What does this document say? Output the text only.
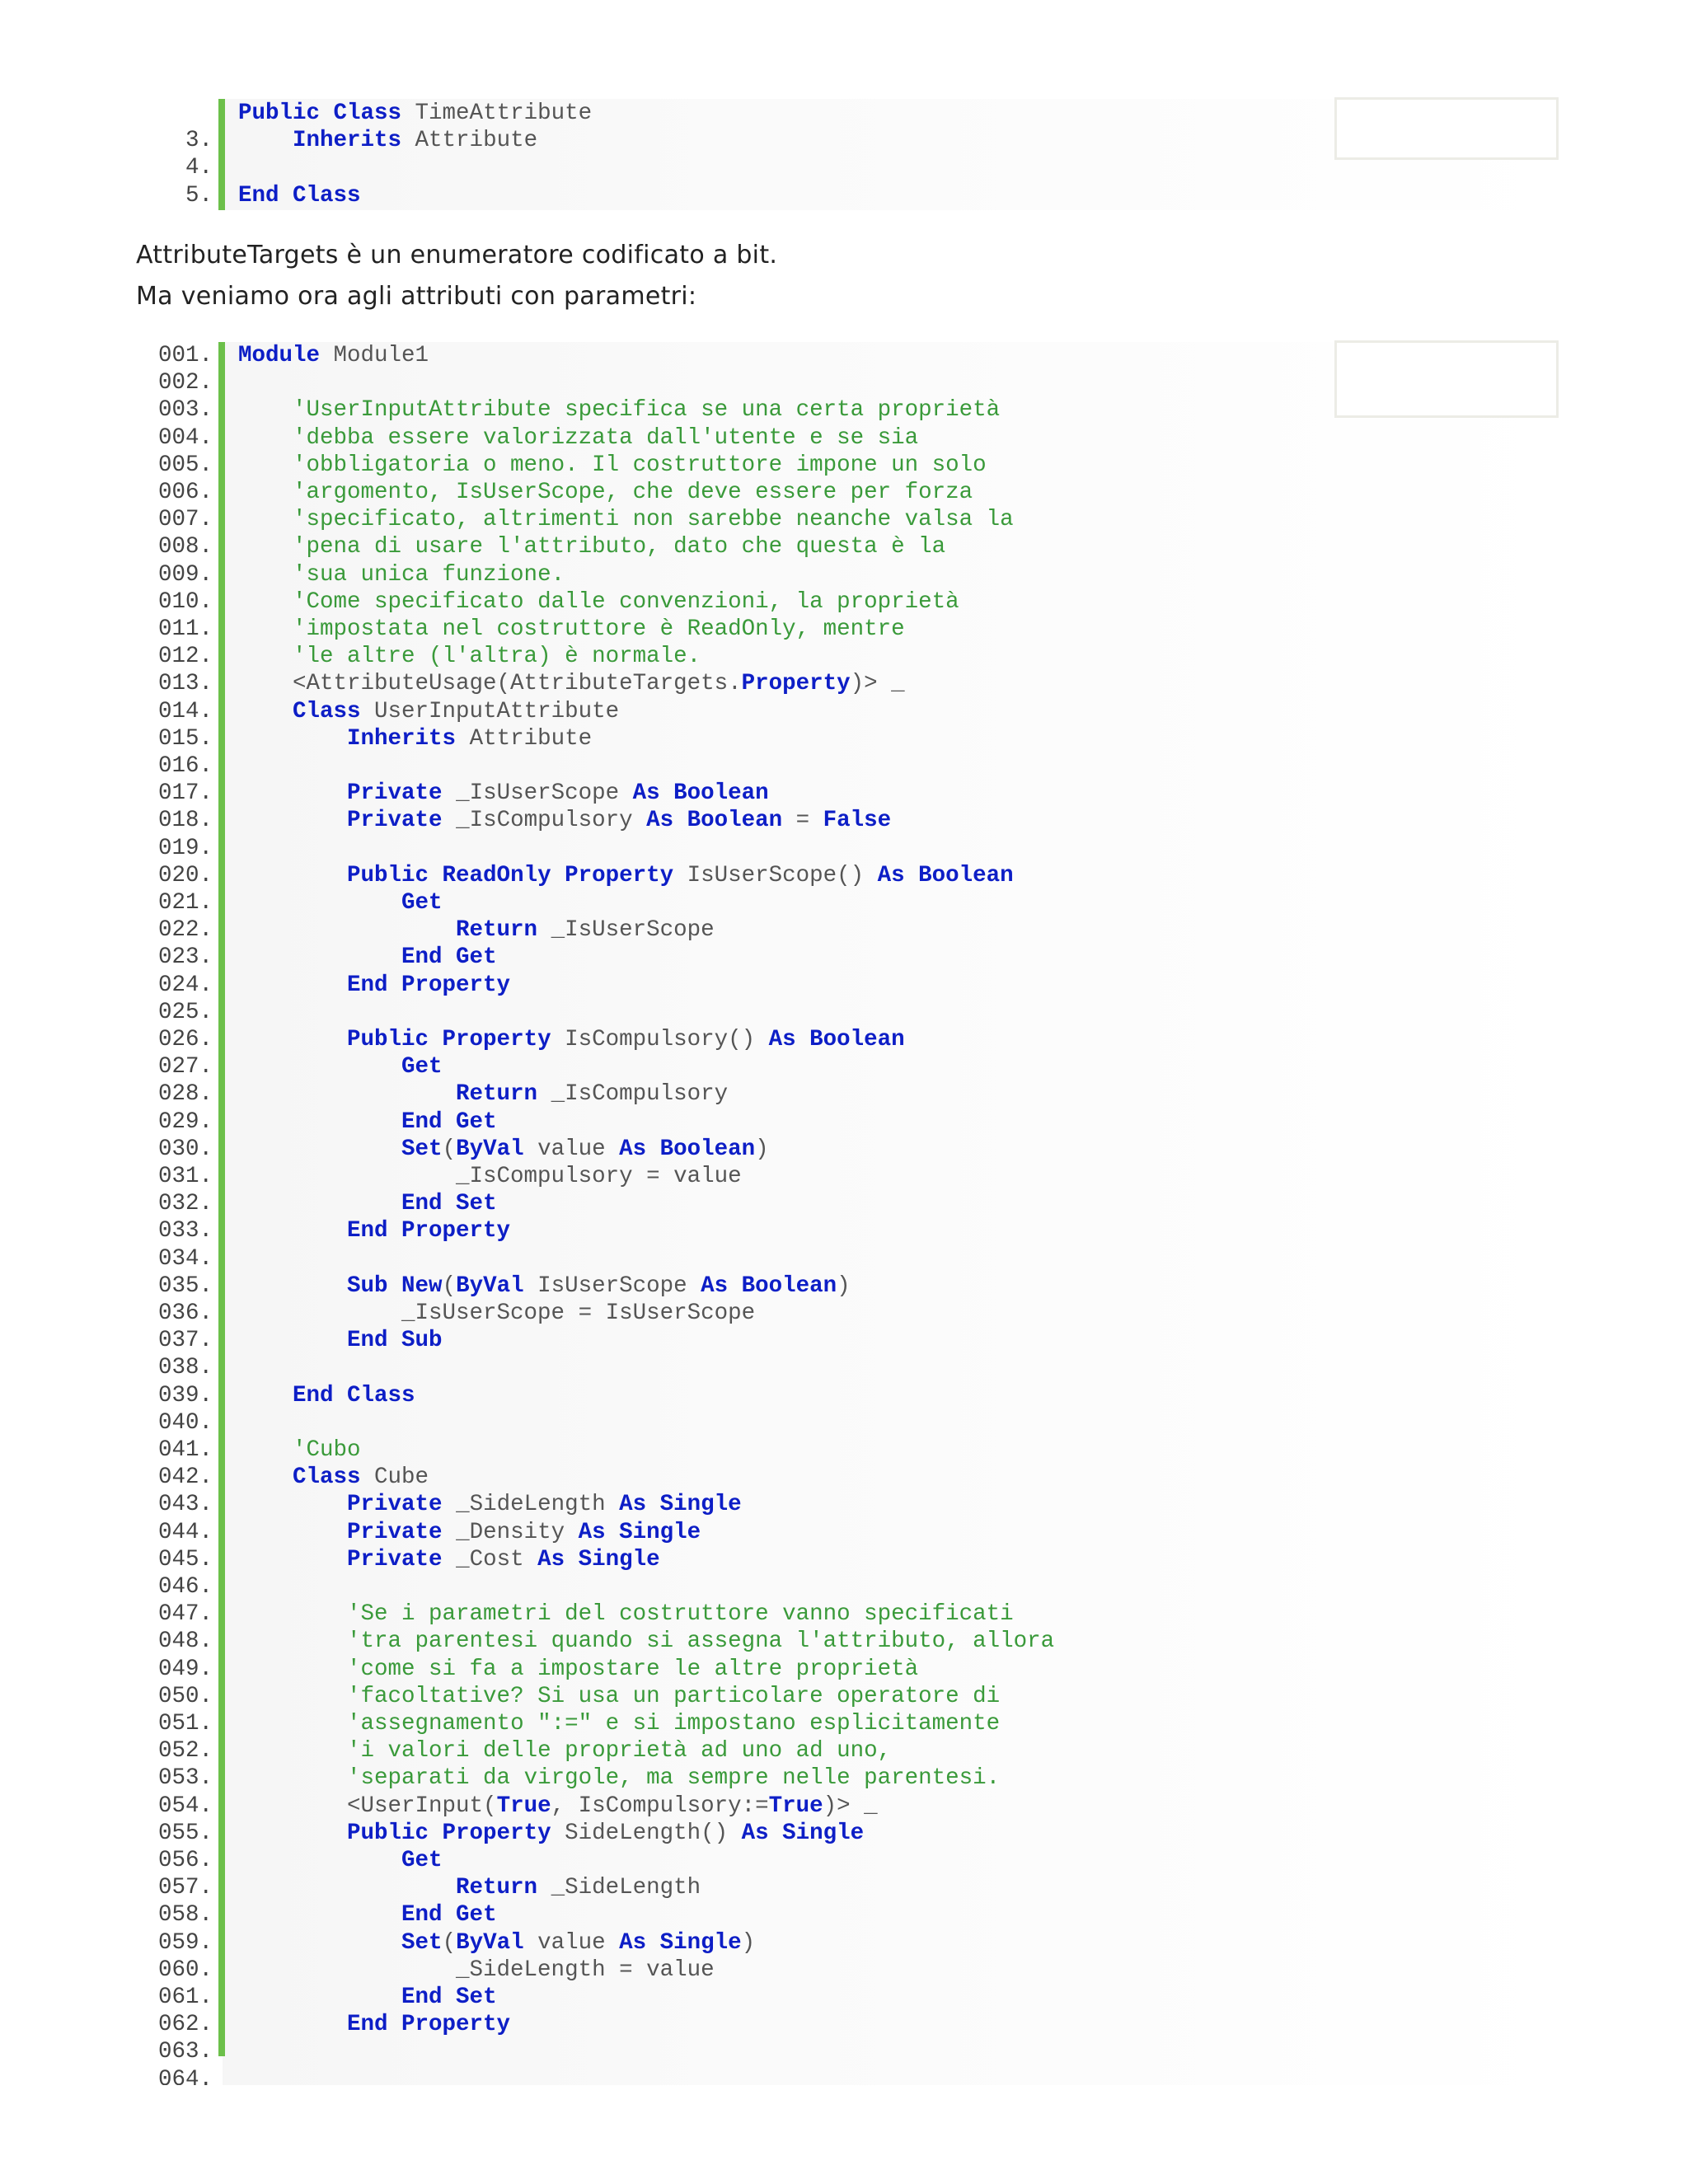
Public Class TimeAttribute
3.	Inherits Attribute
4.
5. End Class
AttributeTargets è un enumeratore codificato a bit.
Ma veniamo ora agli attributi con parametri:
001. Module Module1
002.
003.	'UserInputAttribute specifica se una certa proprietà
004.	'debba essere valorizzata dall'utente e se sia
005.	'obbligatoria o meno. Il costruttore impone un solo
006.	'argomento, IsUserScope, che deve essere per forza
007.	'specificato, altrimenti non sarebbe neanche valsa la
008.	'pena di usare l'attributo, dato che questa è la
009.	'sua unica funzione.
010.	'Come specificato dalle convenzioni, la proprietà
011.	'impostata nel costruttore è ReadOnly, mentre
012.	'le altre (l'altra) è normale.
013. <AttributeUsage(AttributeTargets.Property)> _
014.	Class UserInputAttribute
015.	Inherits Attribute
016.
017.	Private _IsUserScope As Boolean
018.	Private _IsCompulsory As Boolean = False
019.
020.	Public ReadOnly Property IsUserScope() As Boolean
021.	Get
022.	Return _IsUserScope
023.	End Get
024.	End Property
025.
026.	Public Property IsCompulsory() As Boolean
027.	Get
028.	Return _IsCompulsory
029.	End Get
030.	Set(ByVal value As Boolean)
031. _IsCompulsory = value
032.	End Set
033.	End Property
034.
035.	Sub New(ByVal IsUserScope As Boolean)
036. _IsUserScope = IsUserScope
037.	End Sub
038.
039.	End Class
040.
041.	'Cubo
042.	Class Cube
043.	Private _SideLength As Single
044.	Private _Density As Single
045.	Private _Cost As Single
046.
047.	'Se i parametri del costruttore vanno specificati
048.	'tra parentesi quando si assegna l'attributo, allora
049.	'come si fa a impostare le altre proprietà
050.	'facoltative? Si usa un particolare operatore di
051.	'assegnamento ":=" e si impostano esplicitamente
052.	'i valori delle proprietà ad uno ad uno,
053.	'separati da virgole, ma sempre nelle parentesi.
054. <UserInput(True, IsCompulsory:=True)> _
055.	Public Property SideLength() As Single
056.	Get
057.	Return _SideLength
058.	End Get
059.	Set(ByVal value As Single)
060. _SideLength = value
061.	End Set
062.	End Property
063.
064.
